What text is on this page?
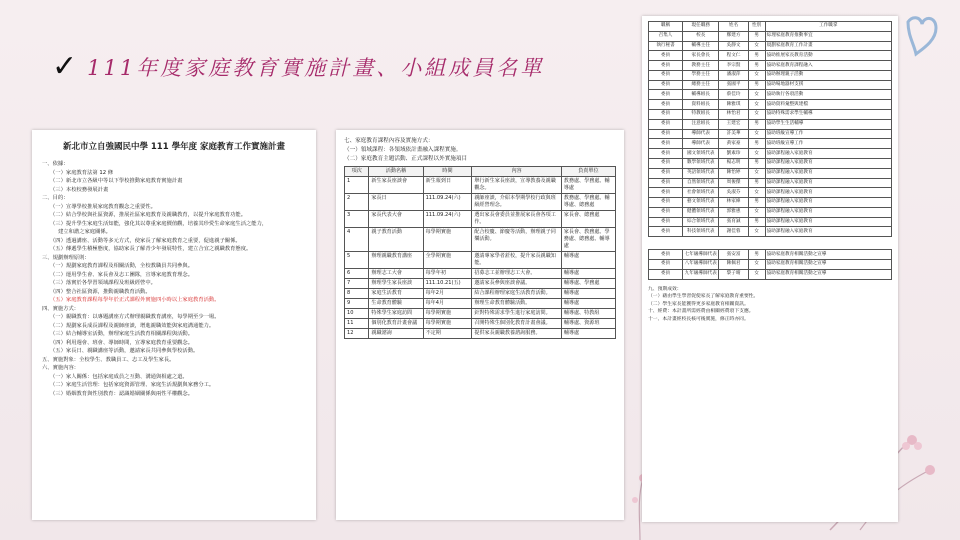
✓ 111年度家庭教育實施計畫、小組成員名單
新北市立自強國民中學 111 學年度 家庭教育工作實施計畫
一、依據：
（一）家庭教育法第 12 條
（二）新北市立各級中等以下學校推動家庭教育實施計畫
（三）本校校務發展計畫
二、目的：
（一）宣導學校推展家庭教育觀念之重要性。
（二）結合學校與社區資源，推展社區家庭教育及親職教育，以提升家庭教育功能。
（三）提升學生家庭生活知能，強化其以尊重家庭價值觀，培養其珍愛生命家庭生活之能力，
建立和諧之家庭關係。
（四）透過講座、活動等多元方式，使家長了解家庭教育之重要，促進親子關係。
（五）傳遞學生積極態度，協助家長了解青少年發展特性，建立合宜之親職教育態度。
三、規劃辦理原則：
（一）規劃家庭教育課程及相關活動，全校教職員共同參與。
（二）運用學生會、家長會及志工團隊，宣導家庭教育理念。
（三）落實於各學習領域課程及班級經營中。
（四）整合社區資源，推動親職教育活動。
（五）家庭教育課程每學年於正式課程外實施四小時以上家庭教育活動。
四、實施方式：
（一）親職教育：以專題講座方式辦理親職教育講座，每學期至少一場。
（二）規劃家長成長課程及親師座談，增進親職效能與家庭溝通能力。
（三）結合輔導室活動，辦理家庭生活教育相關課程與活動。
（四）利用週會、班會、導師時間，宣導家庭教育重要觀念。
（五）家長日、親職講座等活動，邀請家長共同參與學校活動。
五、實施對象：全校學生、教職員工、志工及學生家長。
六、實施內容：
（一）家人關係：包括家庭成員之互動、溝通與相處之道。
（二）家庭生活管理：包括家庭資源管理、家庭生活規劃與家務分工。
（三）婚姻教育與性別教育：認識婚姻關係與兩性平權觀念。
七、家庭教育課程內容及實施方式：
（一）領域課程：各領域依計畫融入課程實施。
（二）家庭教育主題活動、正式課程以外實施項目
項次	活動名稱	時間	內容	負責單位
1	新生家長座談會	新生報到日	舉行新生家長座談，宣導教養及親職觀念。	教務處、學務處、輔導處
2	家長日	111.09.24(六)	親師座談，介紹本學期學校行政與班級經營理念。	教務處、學務處、輔導處、總務處
3	家長代表大會	111.09.24(六)	選出家長會委員並推展家長會各項工作。	家長會、總務處
4	親子教育活動	每學期實施	配合校慶、節慶等活動，辦理親子同樂活動。	家長會、教務處、學務處、總務處、輔導處
5	辦理親職教育講座	全學期實施	邀請專家學者蒞校，提升家長親職知能。	輔導處
6	辦理志工大會	每學年初	招募志工並辦理志工大會。	輔導處
7	辦理學生家長座談	111.10.21(五)	邀請家長參與座談會議。	輔導處、學務處
8	家庭生活教育	每年2月	結合課程辦理家庭生活教育活動。	輔導處
9	生命教育體驗	每年4月	辦理生命教育體驗活動。	輔導處
10	特殊學生家庭訪問	每學期實施	針對特殊需求學生進行家庭訪問。	輔導處、特教組
11	個別化教育計畫會議	每學期實施	召開特殊生個別化教育計畫會議。	輔導處、資源班
12	親職諮詢	不定期	提供家長親職教養諮詢服務。	輔導處
職稱	現任職務	姓名	性別	工作職掌
召集人	校長	鄭建方	男	綜理家庭教育推動事宜
執行秘書	輔導主任	吳靜文	女	規劃家庭教育工作計畫
委員	家長會長	程文仁	男	協助推展家長教育活動
委員	教務主任	李宗賢	男	協助家庭教育課程融入
委員	學務主任	潘淑萍	女	協助辦理親子活動
委員	總務主任	張國平	男	協助場地器材支援
委員	輔導組長	蔡佳玲	女	協助執行各項活動
委員	資料組長	陳雅琪	女	協助資料彙整與建檔
委員	特教組長	林怡君	女	協助特殊需求學生輔導
委員	注意組長	王建宏	男	協助學生生活輔導
委員	導師代表	許美華	女	協助班級宣導工作
委員	導師代表	黃家豪	男	協助班級宣導工作
委員	國文領域代表	劉素珍	女	協助課程融入家庭教育
委員	數學領域代表	楊志明	男	協助課程融入家庭教育
委員	英語領域代表	陳怡婷	女	協助課程融入家庭教育
委員	自然領域代表	周俊傑	男	協助課程融入家庭教育
委員	社會領域代表	吳淑芬	女	協助課程融入家庭教育
委員	藝文領域代表	林家緯	男	協助課程融入家庭教育
委員	健體領域代表	郭雅惠	女	協助課程融入家庭教育
委員	綜合領域代表	張育誠	男	協助課程融入家庭教育
委員	科技領域代表	謝佳蓉	女	協助課程融入家庭教育
委員	七年級導師代表	張安富	男	協助家庭教育相關活動之宣導
委員	八年級導師代表	陳佩君	女	協助家庭教育相關活動之宣導
委員	九年級導師代表	黎子晴	女	協助家庭教育相關活動之宣導
九、預期成效：
（一）藉由學生學習促使家長了解家庭教育重要性。
（二）學生家長能獲得更多家庭教育相關資訊。
十、經費：本計畫所需經費由相關經費項下支應。
十一、本計畫經校長核可後實施，修正時亦同。
